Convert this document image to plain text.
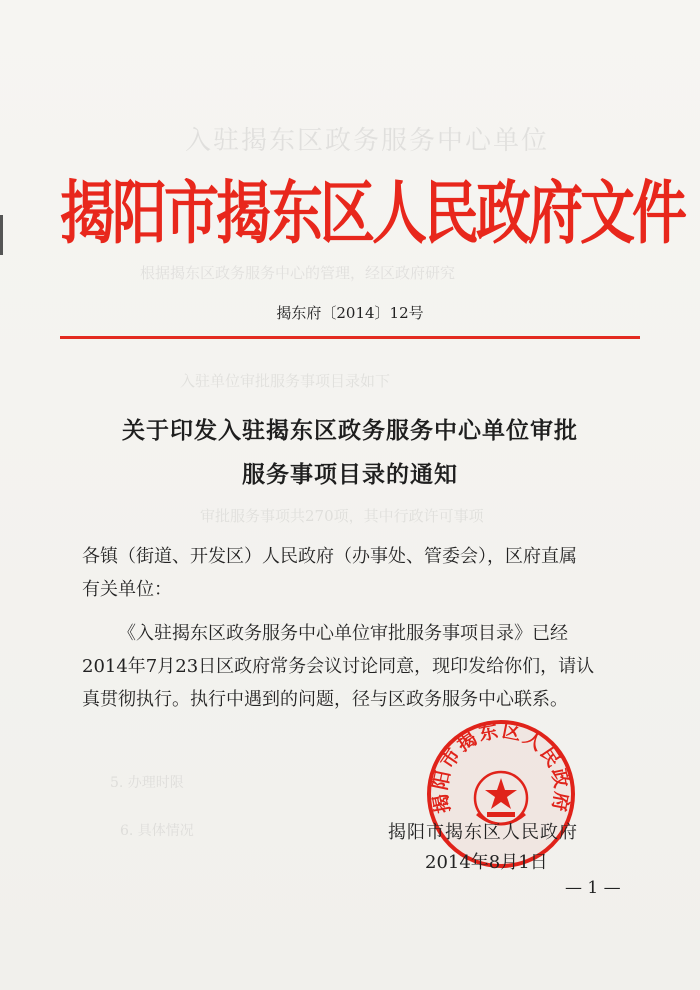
入驻揭东区政务服务中心单位
根据揭东区政务服务中心的管理，经区政府研究
入驻单位审批服务事项目录如下
审批服务事项共270项，其中行政许可事项
5. 办理时限
6. 具体情况
揭阳市揭东区人民政府文件
揭东府〔2014〕12号
关于印发入驻揭东区政务服务中心单位审批
服务事项目录的通知
各镇（街道、开发区）人民政府（办事处、管委会），区府直属
有关单位：
《入驻揭东区政务服务中心单位审批服务事项目录》已经
2014年7月23日区政府常务会议讨论同意，现印发给你们，请认
真贯彻执行。执行中遇到的问题，径与区政务服务中心联系。
揭阳市揭东区人民政府
揭阳市揭东区人民政府
2014年8月1日
— 1 —
